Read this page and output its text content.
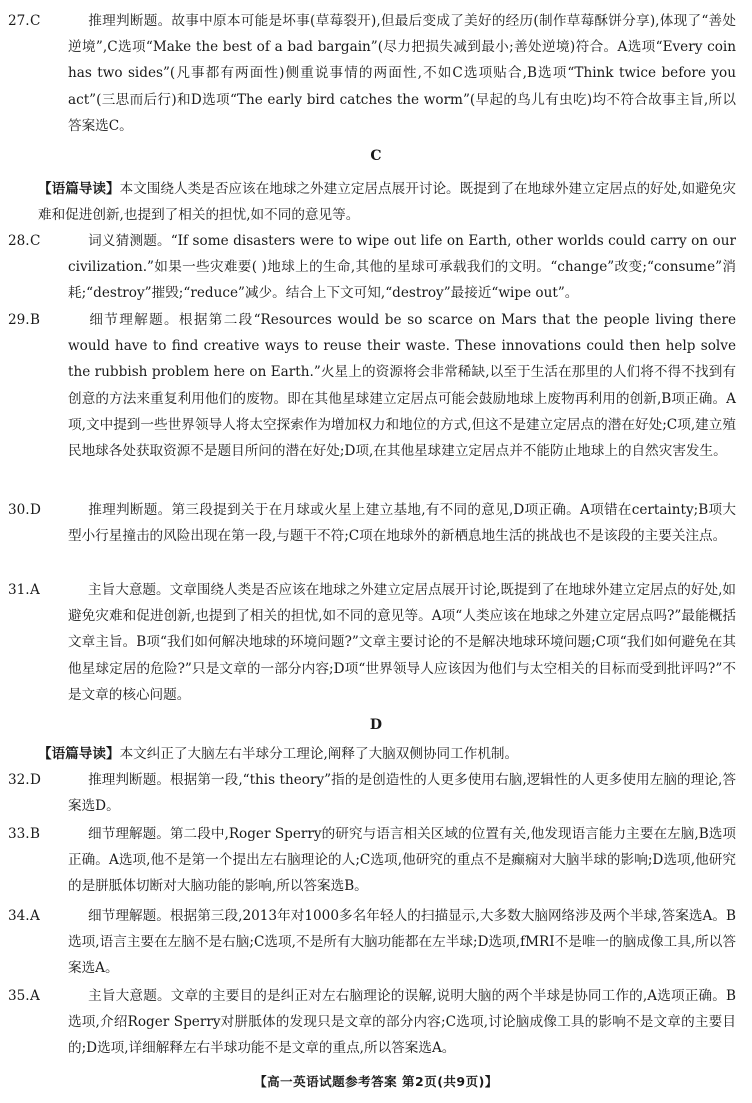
27.C	推理判断题。故事中原本可能是坏事(草莓裂开),但最后变成了美好的经历(制作草莓酥饼分享),体现了“善处逆境”,C选项“Make the best of a bad bargain”(尽力把损失减到最小;善处逆境)符合。A选项“Every coin has two sides”(凡事都有两面性)侧重说事情的两面性,不如C选项贴合,B选项“Think twice before you act”(三思而后行)和D选项“The early bird catches the worm”(早起的鸟儿有虫吃)均不符合故事主旨,所以答案选C。

C

【语篇导读】本文围绕人类是否应该在地球之外建立定居点展开讨论。既提到了在地球外建立定居点的好处,如避免灾难和促进创新,也提到了相关的担忧,如不同的意见等。

28.C	词义猜测题。“If some disasters were to wipe out life on Earth, other worlds could carry on our civilization.”如果一些灾难要( )地球上的生命,其他的星球可承载我们的文明。“change”改变;“consume”消耗;“destroy”摧毁;“reduce”减少。结合上下文可知,“destroy”最接近“wipe out”。

29.B	细节理解题。根据第二段“Resources would be so scarce on Mars that the people living there would have to find creative ways to reuse their waste. These innovations could then help solve the rubbish problem here on Earth.”火星上的资源将会非常稀缺,以至于生活在那里的人们将不得不找到有创意的方法来重复利用他们的废物。即在其他星球建立定居点可能会鼓励地球上废物再利用的创新,B项正确。A项,文中提到一些世界领导人将太空探索作为增加权力和地位的方式,但这不是建立定居点的潜在好处;C项,建立殖民地球各处获取资源不是题目所问的潜在好处;D项,在其他星球建立定居点并不能防止地球上的自然灾害发生。

30.D	推理判断题。第三段提到关于在月球或火星上建立基地,有不同的意见,D项正确。A项错在certainty;B项大型小行星撞击的风险出现在第一段,与题干不符;C项在地球外的新栖息地生活的挑战也不是该段的主要关注点。

31.A	主旨大意题。文章围绕人类是否应该在地球之外建立定居点展开讨论,既提到了在地球外建立定居点的好处,如避免灾难和促进创新,也提到了相关的担忧,如不同的意见等。A项“人类应该在地球之外建立定居点吗?”最能概括文章主旨。B项“我们如何解决地球的环境问题?”文章主要讨论的不是解决地球环境问题;C项“我们如何避免在其他星球定居的危险?”只是文章的一部分内容;D项“世界领导人应该因为他们与太空相关的目标而受到批评吗?”不是文章的核心问题。

D

【语篇导读】本文纠正了大脑左右半球分工理论,阐释了大脑双侧协同工作机制。

32.D	推理判断题。根据第一段,“this theory”指的是创造性的人更多使用右脑,逻辑性的人更多使用左脑的理论,答案选D。

33.B	细节理解题。第二段中,Roger Sperry的研究与语言相关区域的位置有关,他发现语言能力主要在左脑,B选项正确。A选项,他不是第一个提出左右脑理论的人;C选项,他研究的重点不是癫痫对大脑半球的影响;D选项,他研究的是胼胝体切断对大脑功能的影响,所以答案选B。

34.A	细节理解题。根据第三段,2013年对1000多名年轻人的扫描显示,大多数大脑网络涉及两个半球,答案选A。B选项,语言主要在左脑不是右脑;C选项,不是所有大脑功能都在左半球;D选项,fMRI不是唯一的脑成像工具,所以答案选A。

35.A	主旨大意题。文章的主要目的是纠正对左右脑理论的误解,说明大脑的两个半球是协同工作的,A选项正确。B选项,介绍Roger Sperry对胼胝体的发现只是文章的部分内容;C选项,讨论脑成像工具的影响不是文章的主要目的;D选项,详细解释左右半球功能不是文章的重点,所以答案选A。

【高一英语试题参考答案 第2页(共9页)】
